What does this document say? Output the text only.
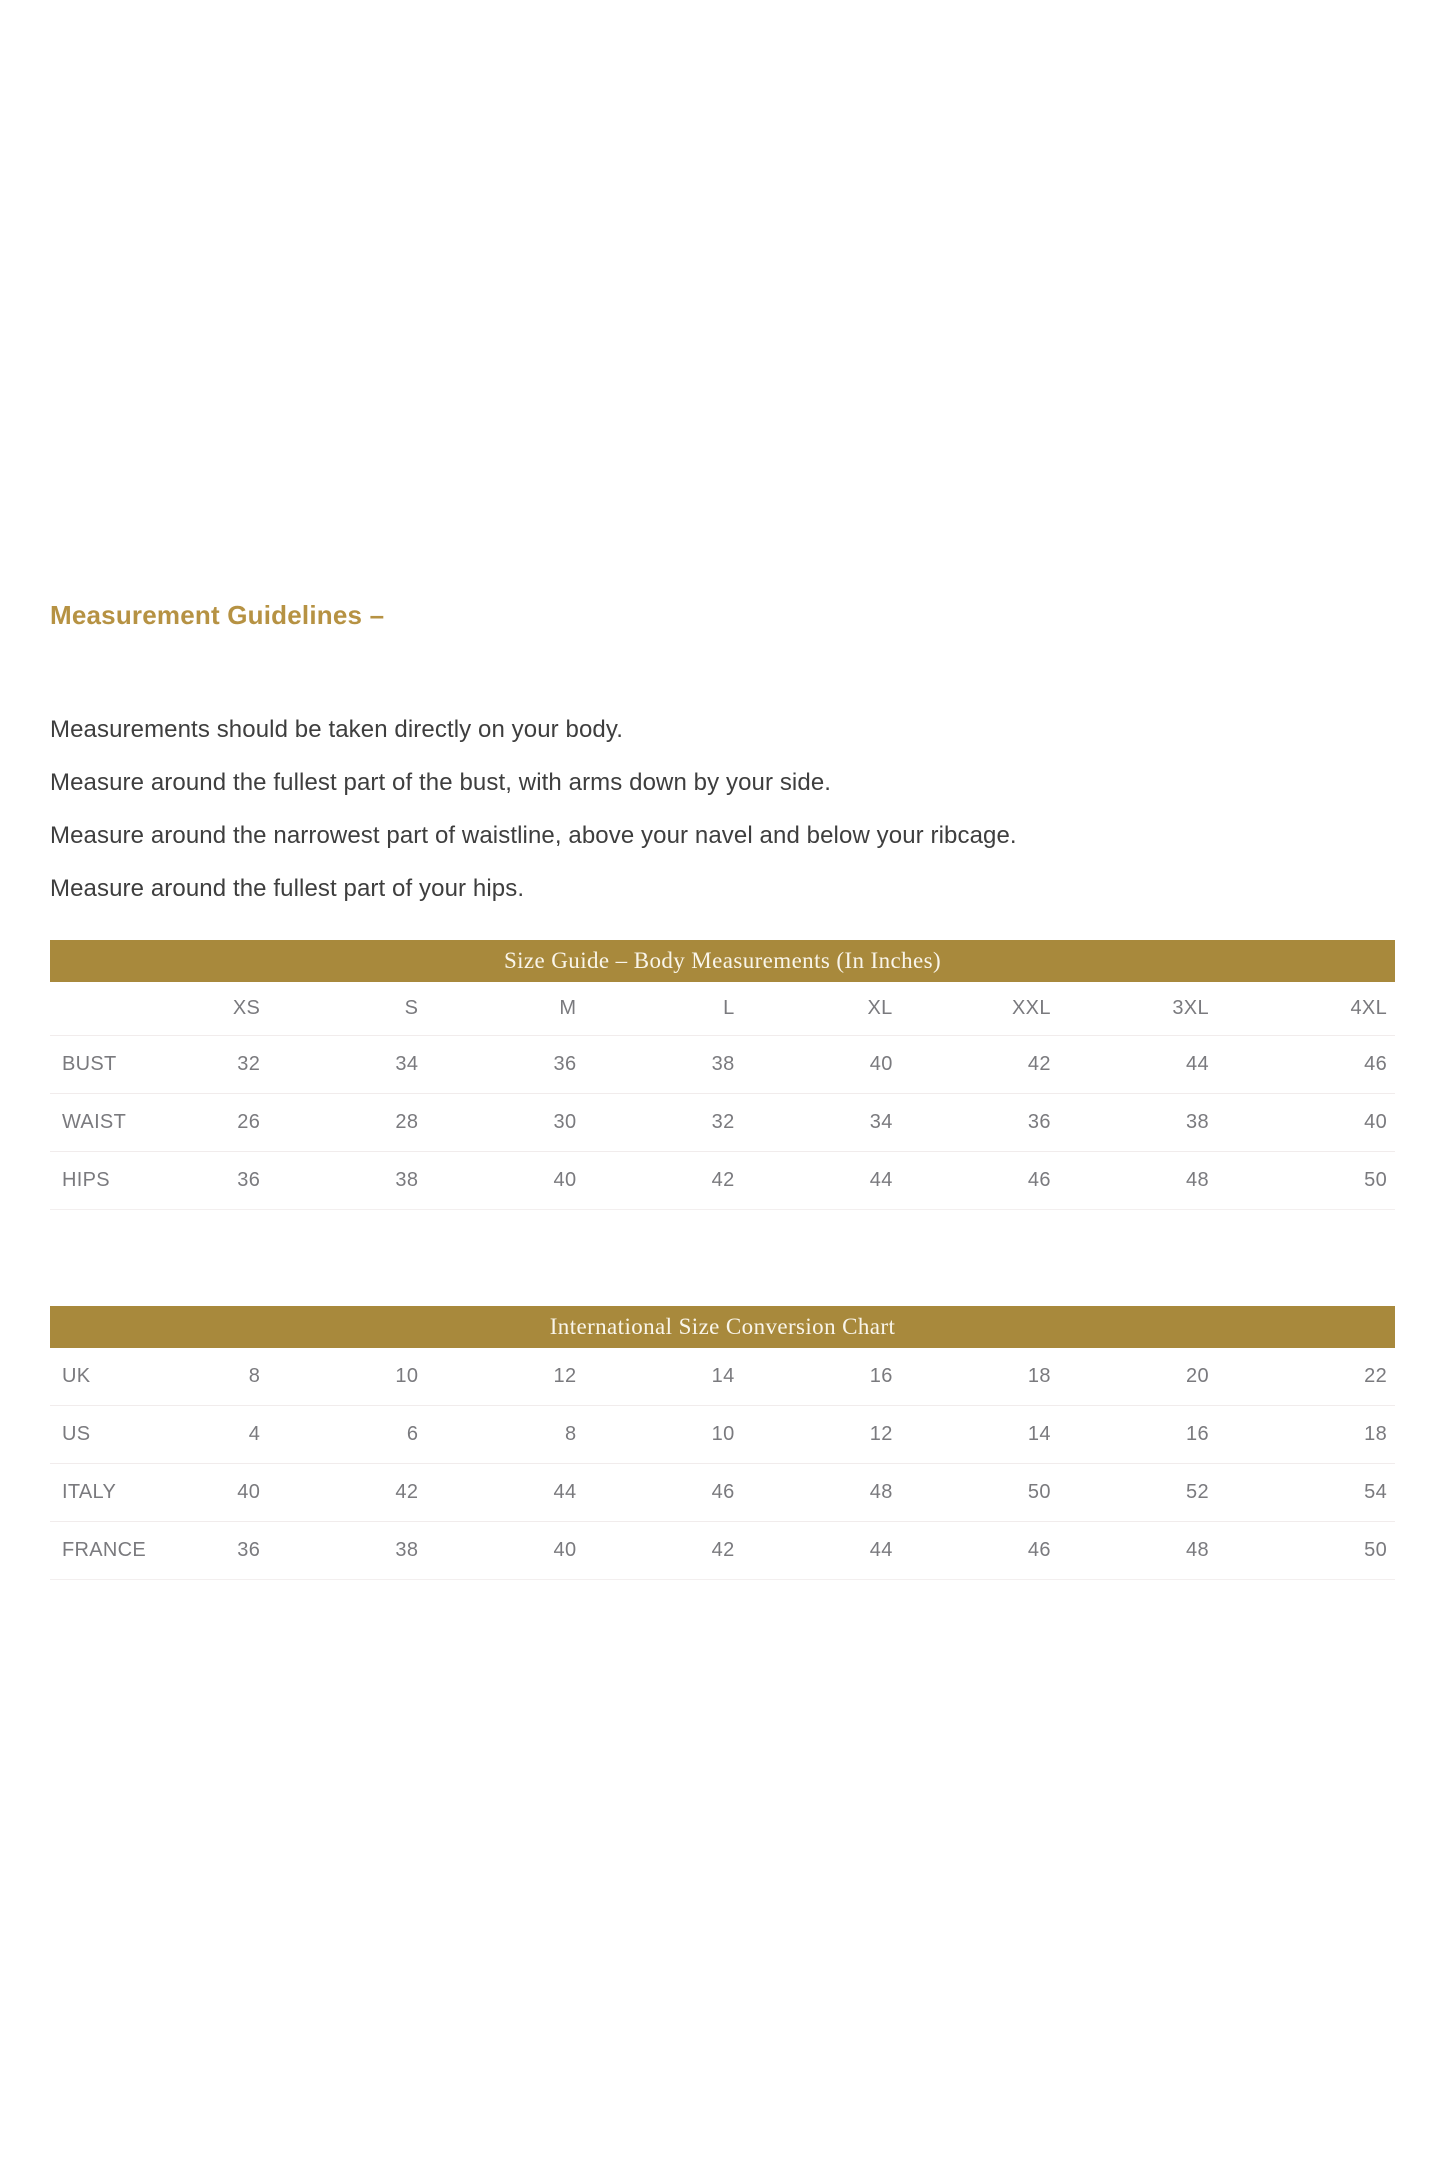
Measurement Guidelines –

Measurements should be taken directly on your body.

Measure around the fullest part of the bust, with arms down by your side.

Measure around the narrowest part of waistline, above your navel and below your ribcage.

Measure around the fullest part of your hips.

Size Guide – Body Measurements (In Inches)
	XS	S	M	L	XL	XXL	3XL	4XL
BUST	32	34	36	38	40	42	44	46
WAIST	26	28	30	32	34	36	38	40
HIPS	36	38	40	42	44	46	48	50
International Size Conversion Chart
UK	8	10	12	14	16	18	20	22
US	4	6	8	10	12	14	16	18
ITALY	40	42	44	46	48	50	52	54
FRANCE	36	38	40	42	44	46	48	50
